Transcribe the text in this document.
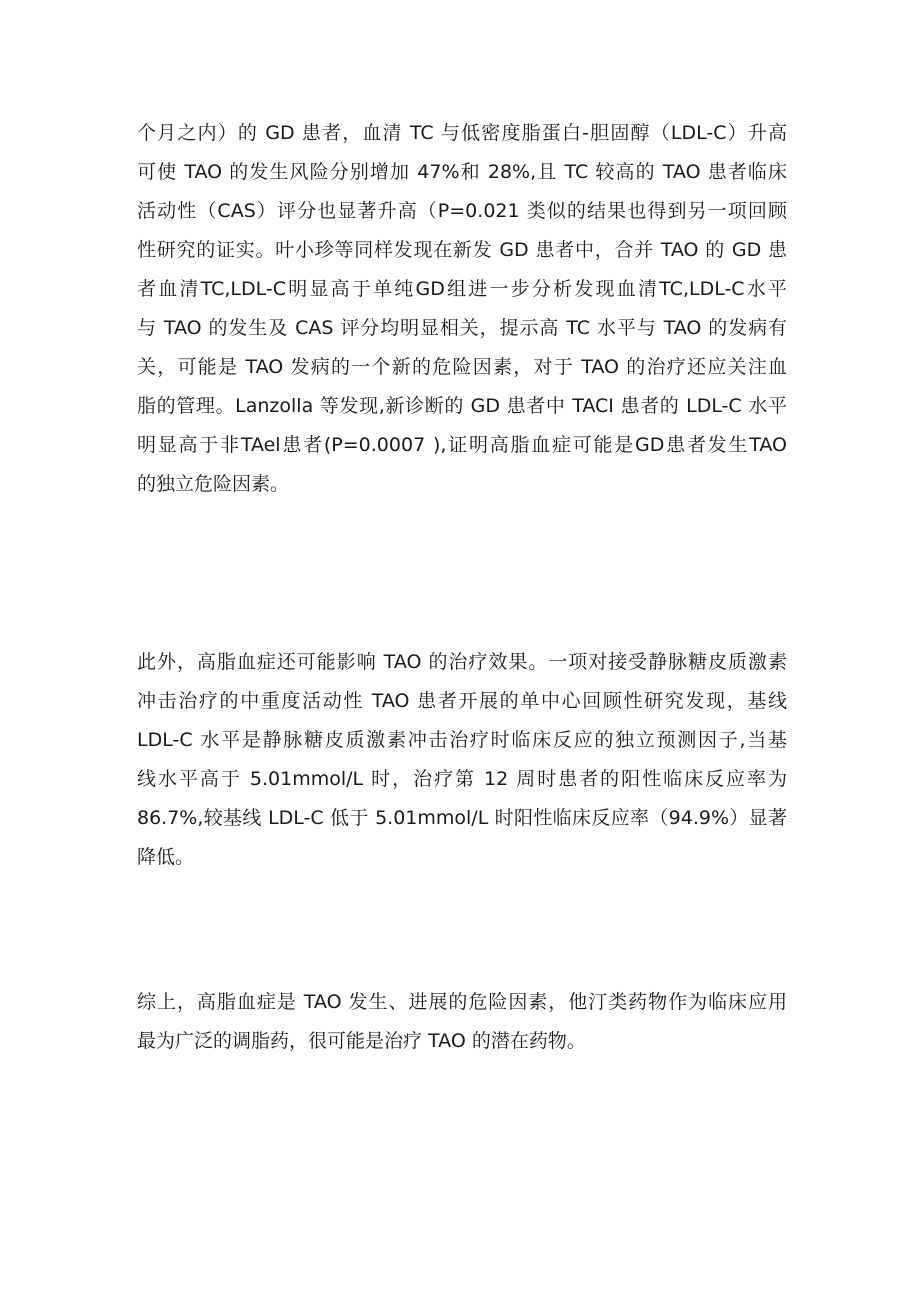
个月之内）的 GD 患者，血清 TC 与低密度脂蛋白-胆固醇（LDL-C）升高
可使 TAO 的发生风险分别增加 47%和 28%,且 TC 较高的 TAO 患者临床
活动性（CAS）评分也显著升高（P=0.021 类似的结果也得到另一项回顾
性研究的证实。叶小珍等同样发现在新发 GD 患者中，合并 TAO 的 GD 患
者血清TC,LDL-C明显高于单纯GD组进一步分析发现血清TC,LDL-C水平
与 TAO 的发生及 CAS 评分均明显相关，提示高 TC 水平与 TAO 的发病有
关，可能是 TAO 发病的一个新的危险因素，对于 TAO 的治疗还应关注血
脂的管理。Lanzolla 等发现,新诊断的 GD 患者中 TACI 患者的 LDL-C 水平
明显高于非TAel患者(P=0.0007 ),证明高脂血症可能是GD患者发生TAO
的独立危险因素。
此外，高脂血症还可能影响 TAO 的治疗效果。一项对接受静脉糖皮质激素
冲击治疗的中重度活动性 TAO 患者开展的单中心回顾性研究发现，基线
LDL-C 水平是静脉糖皮质激素冲击治疗时临床反应的独立预测因子,当基
线水平高于 5.01mmol/L 时，治疗第 12 周时患者的阳性临床反应率为
86.7%,较基线 LDL-C 低于 5.01mmol/L 时阳性临床反应率（94.9%）显著
降低。
综上，高脂血症是 TAO 发生、进展的危险因素，他汀类药物作为临床应用
最为广泛的调脂药，很可能是治疗 TAO 的潜在药物。
